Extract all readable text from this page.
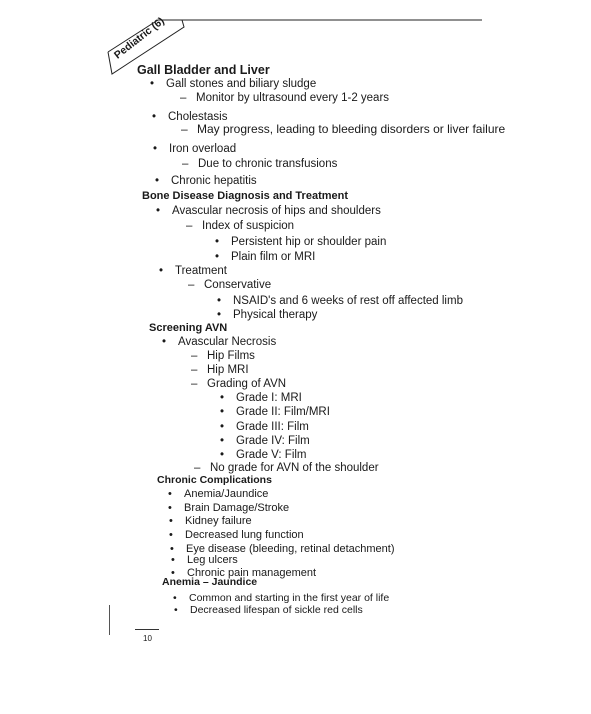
Pediatric (6)
Gall Bladder and Liver
• Gall stones and biliary sludge
– Monitor by ultrasound every 1-2 years
• Cholestasis
– May progress, leading to bleeding disorders or liver failure
• Iron overload
– Due to chronic transfusions
• Chronic hepatitis
Bone Disease Diagnosis and Treatment
• Avascular necrosis of hips and shoulders
– Index of suspicion
• Persistent hip or shoulder pain
• Plain film or MRI
• Treatment
– Conservative
• NSAID's and 6 weeks of rest off affected limb
• Physical therapy
Screening AVN
• Avascular Necrosis
– Hip Films
– Hip MRI
– Grading of AVN
• Grade I: MRI
• Grade II: Film/MRI
• Grade III: Film
• Grade IV: Film
• Grade V: Film
– No grade for AVN of the shoulder
Chronic Complications
• Anemia/Jaundice
• Brain Damage/Stroke
• Kidney failure
• Decreased lung function
• Eye disease (bleeding, retinal detachment)
• Leg ulcers
• Chronic pain management
Anemia – Jaundice
• Common and starting in the first year of life
• Decreased lifespan of sickle red cells
10
